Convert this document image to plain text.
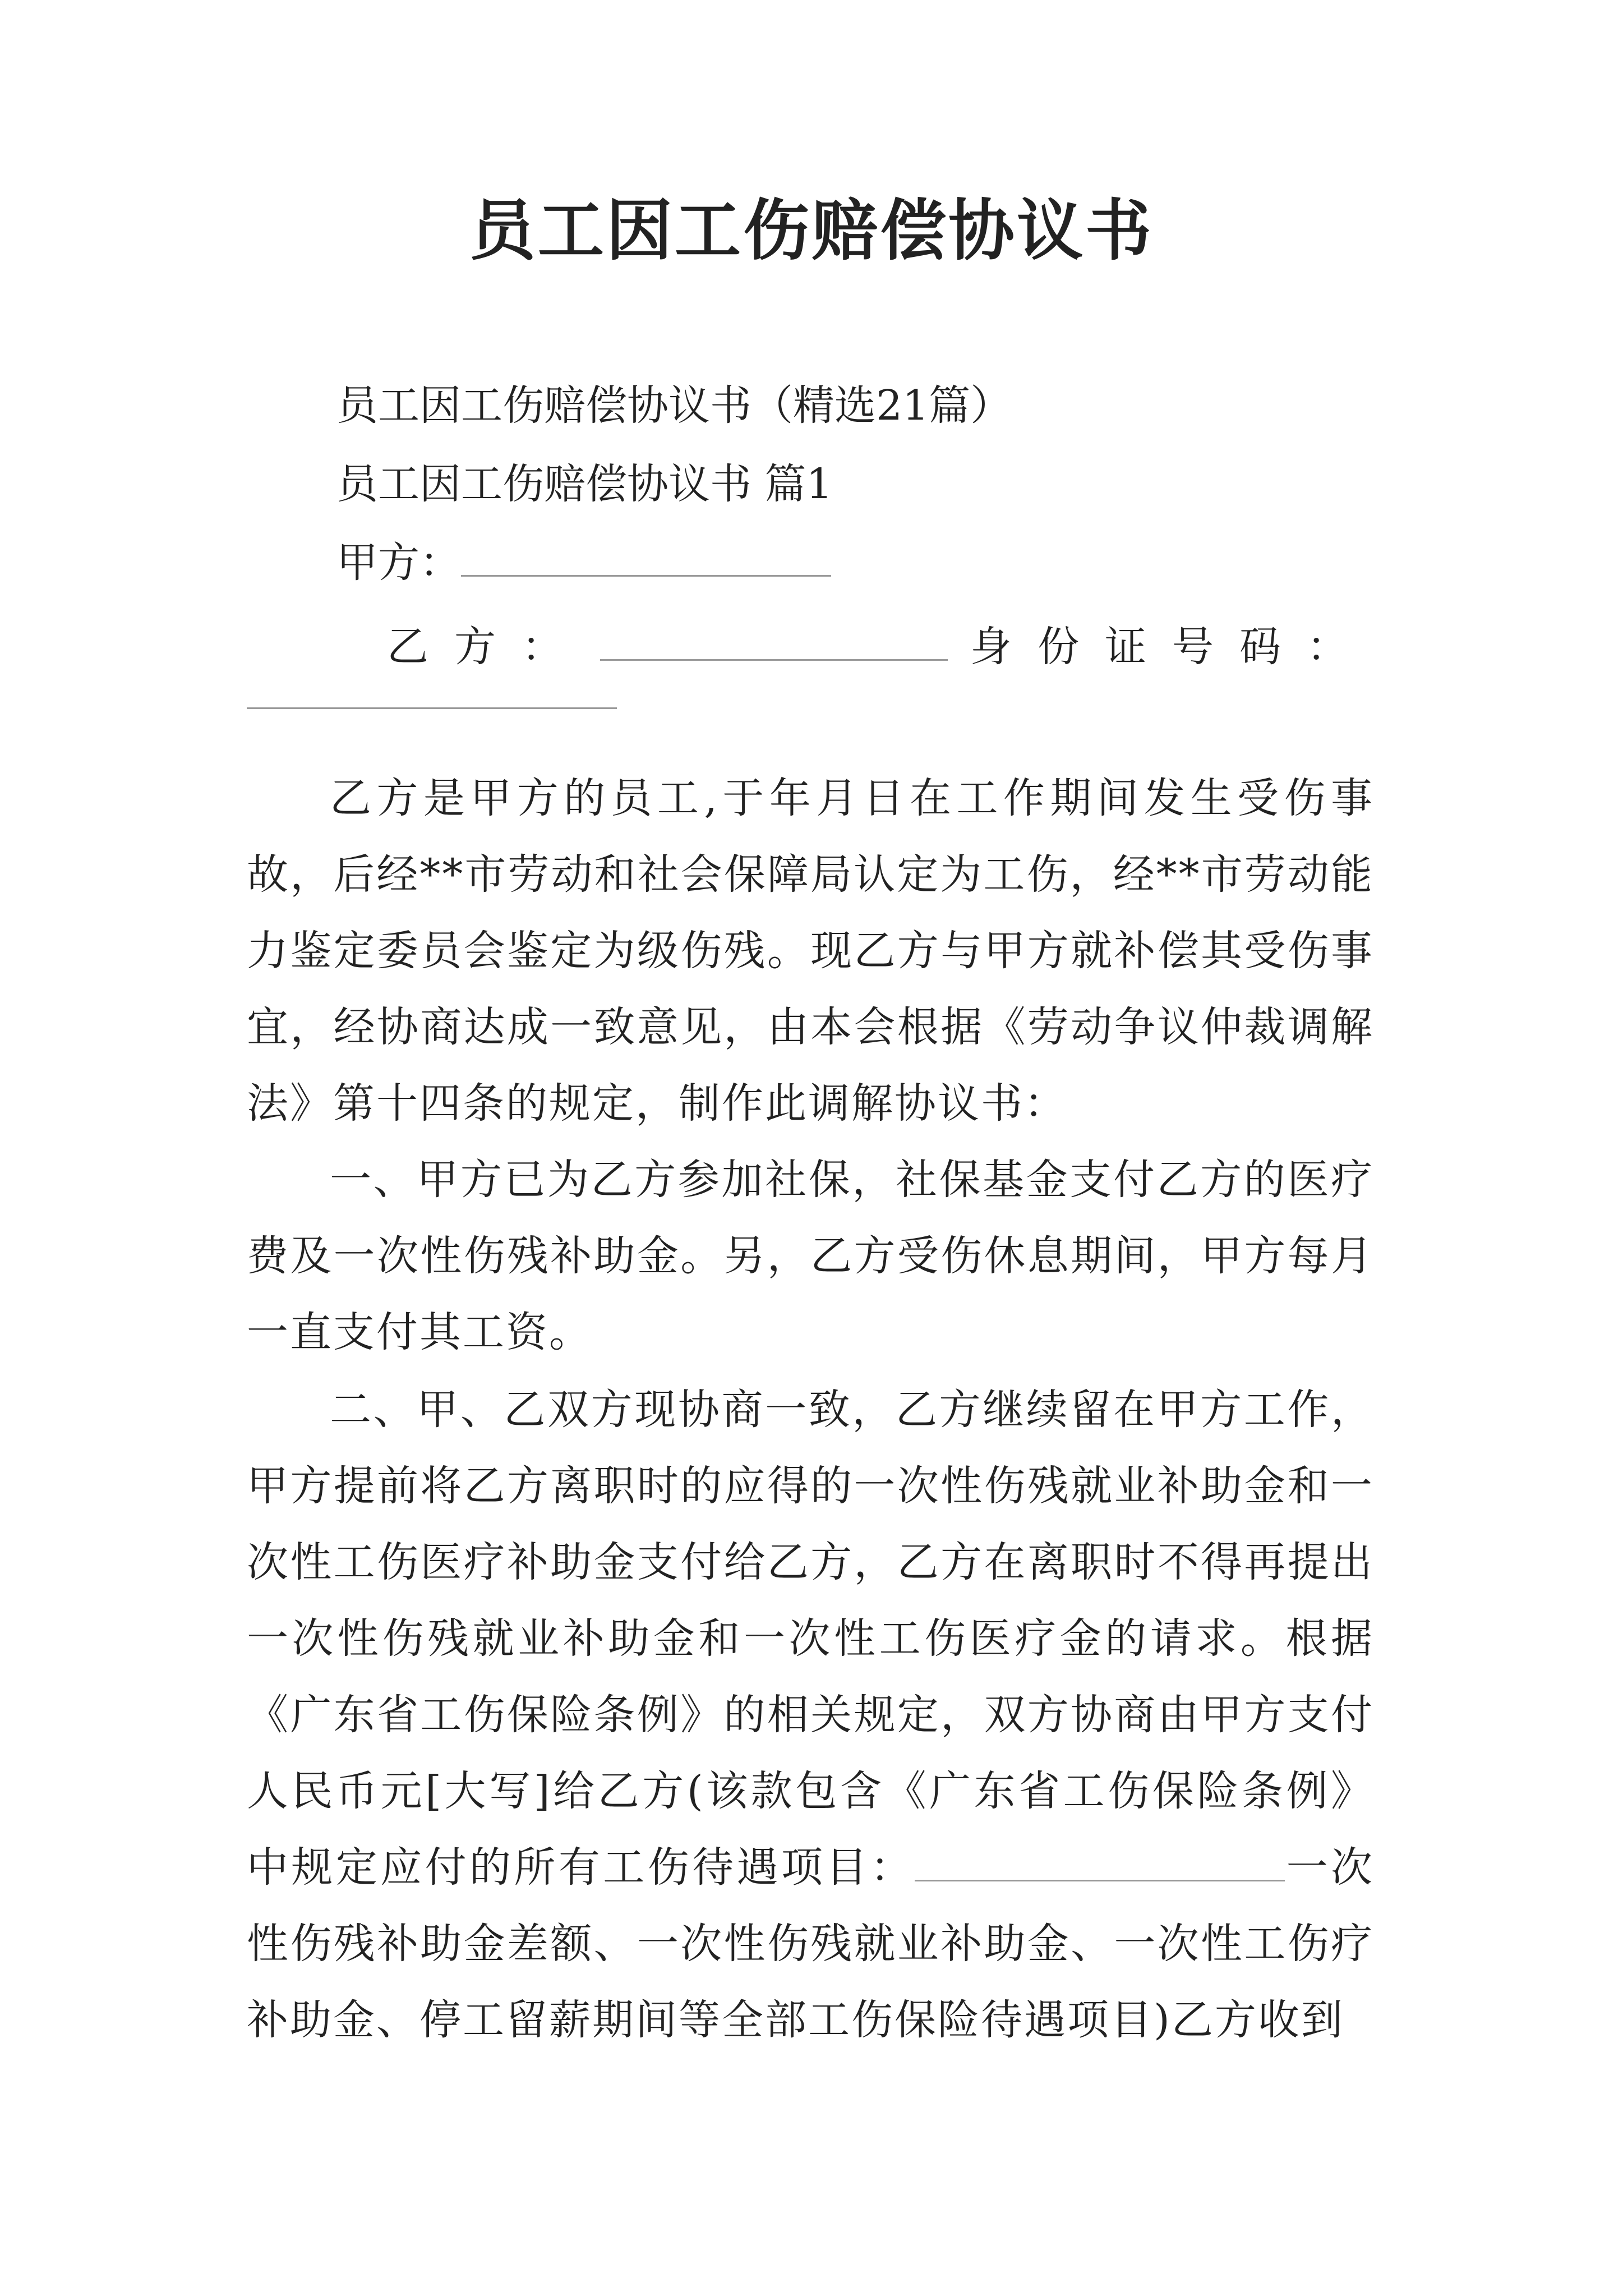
员工因工伤赔偿协议书

员工因工伤赔偿协议书（精选21篇）

员工因工伤赔偿协议书 篇1

甲方：

乙方：	身份证号码：

乙方是甲方的员工,于年月日在工作期间发生受伤事故，后经**市劳动和社会保障局认定为工伤，经**市劳动能力鉴定委员会鉴定为级伤残。现乙方与甲方就补偿其受伤事宜，经协商达成一致意见，由本会根据《劳动争议仲裁调解法》第十四条的规定，制作此调解协议书：

一、甲方已为乙方参加社保，社保基金支付乙方的医疗费及一次性伤残补助金。另，乙方受伤休息期间，甲方每月一直支付其工资。

二、甲、乙双方现协商一致，乙方继续留在甲方工作，甲方提前将乙方离职时的应得的一次性伤残就业补助金和一次性工伤医疗补助金支付给乙方，乙方在离职时不得再提出一次性伤残就业补助金和一次性工伤医疗金的请求。根据《广东省工伤保险条例》的相关规定，双方协商由甲方支付人民币元[大写]给乙方(该款包含《广东省工伤保险条例》中规定应付的所有工伤待遇项目：	一次性伤残补助金差额、一次性伤残就业补助金、一次性工伤疗补助金、停工留薪期间等全部工伤保险待遇项目)乙方收到
